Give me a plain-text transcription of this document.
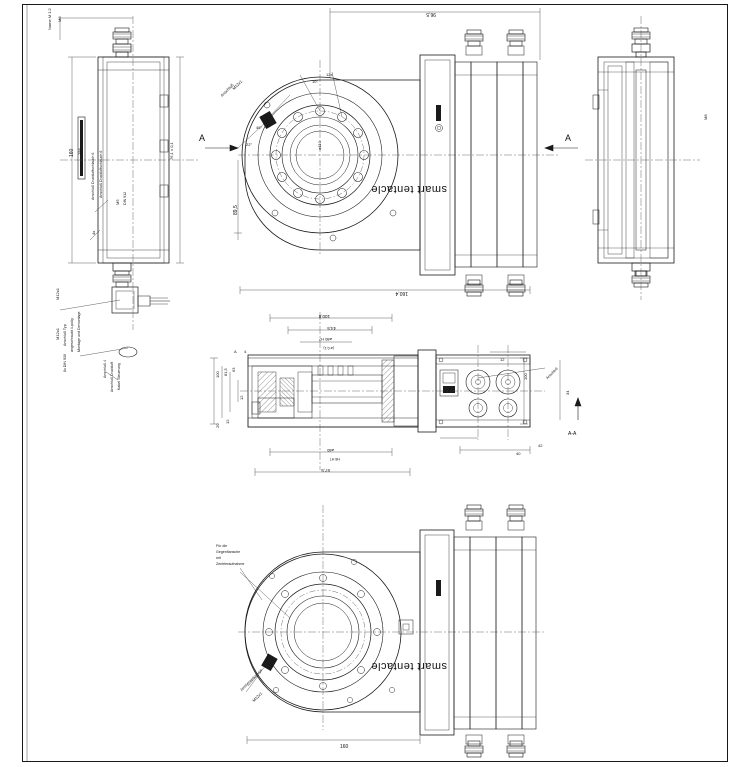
smart tentacle
smart tentacle
A	A
M8
Name M 1:2
160 156	76,1 ± 0,1
Anschluß Druckluftschlauch 6 Anschluß Druckluftschlauch 6
M5 DIN 912
4x
M12x1 Anschluß Typ angeschraubt 4-polig
M12x1
Montage und Demontage
Anschluß 4 Anschluß Druckluft Kabel Steuerung
8x DIN 930
96,5
89,5
160,4
10°
12x
45°
22°
Anschluß
M12x1
ø110
M8
100,8
44,5
ø80 H7
(ø 0,1)
A 4
100 81,5 63
12
20
12
ø80
H8 H7
57,5
12
100
34
Anschluß
40
42
A-A
160
Für die
Gegenflansche
mit
Zentrieraufnahme
Zentrierwerkzeuge
M12x1
